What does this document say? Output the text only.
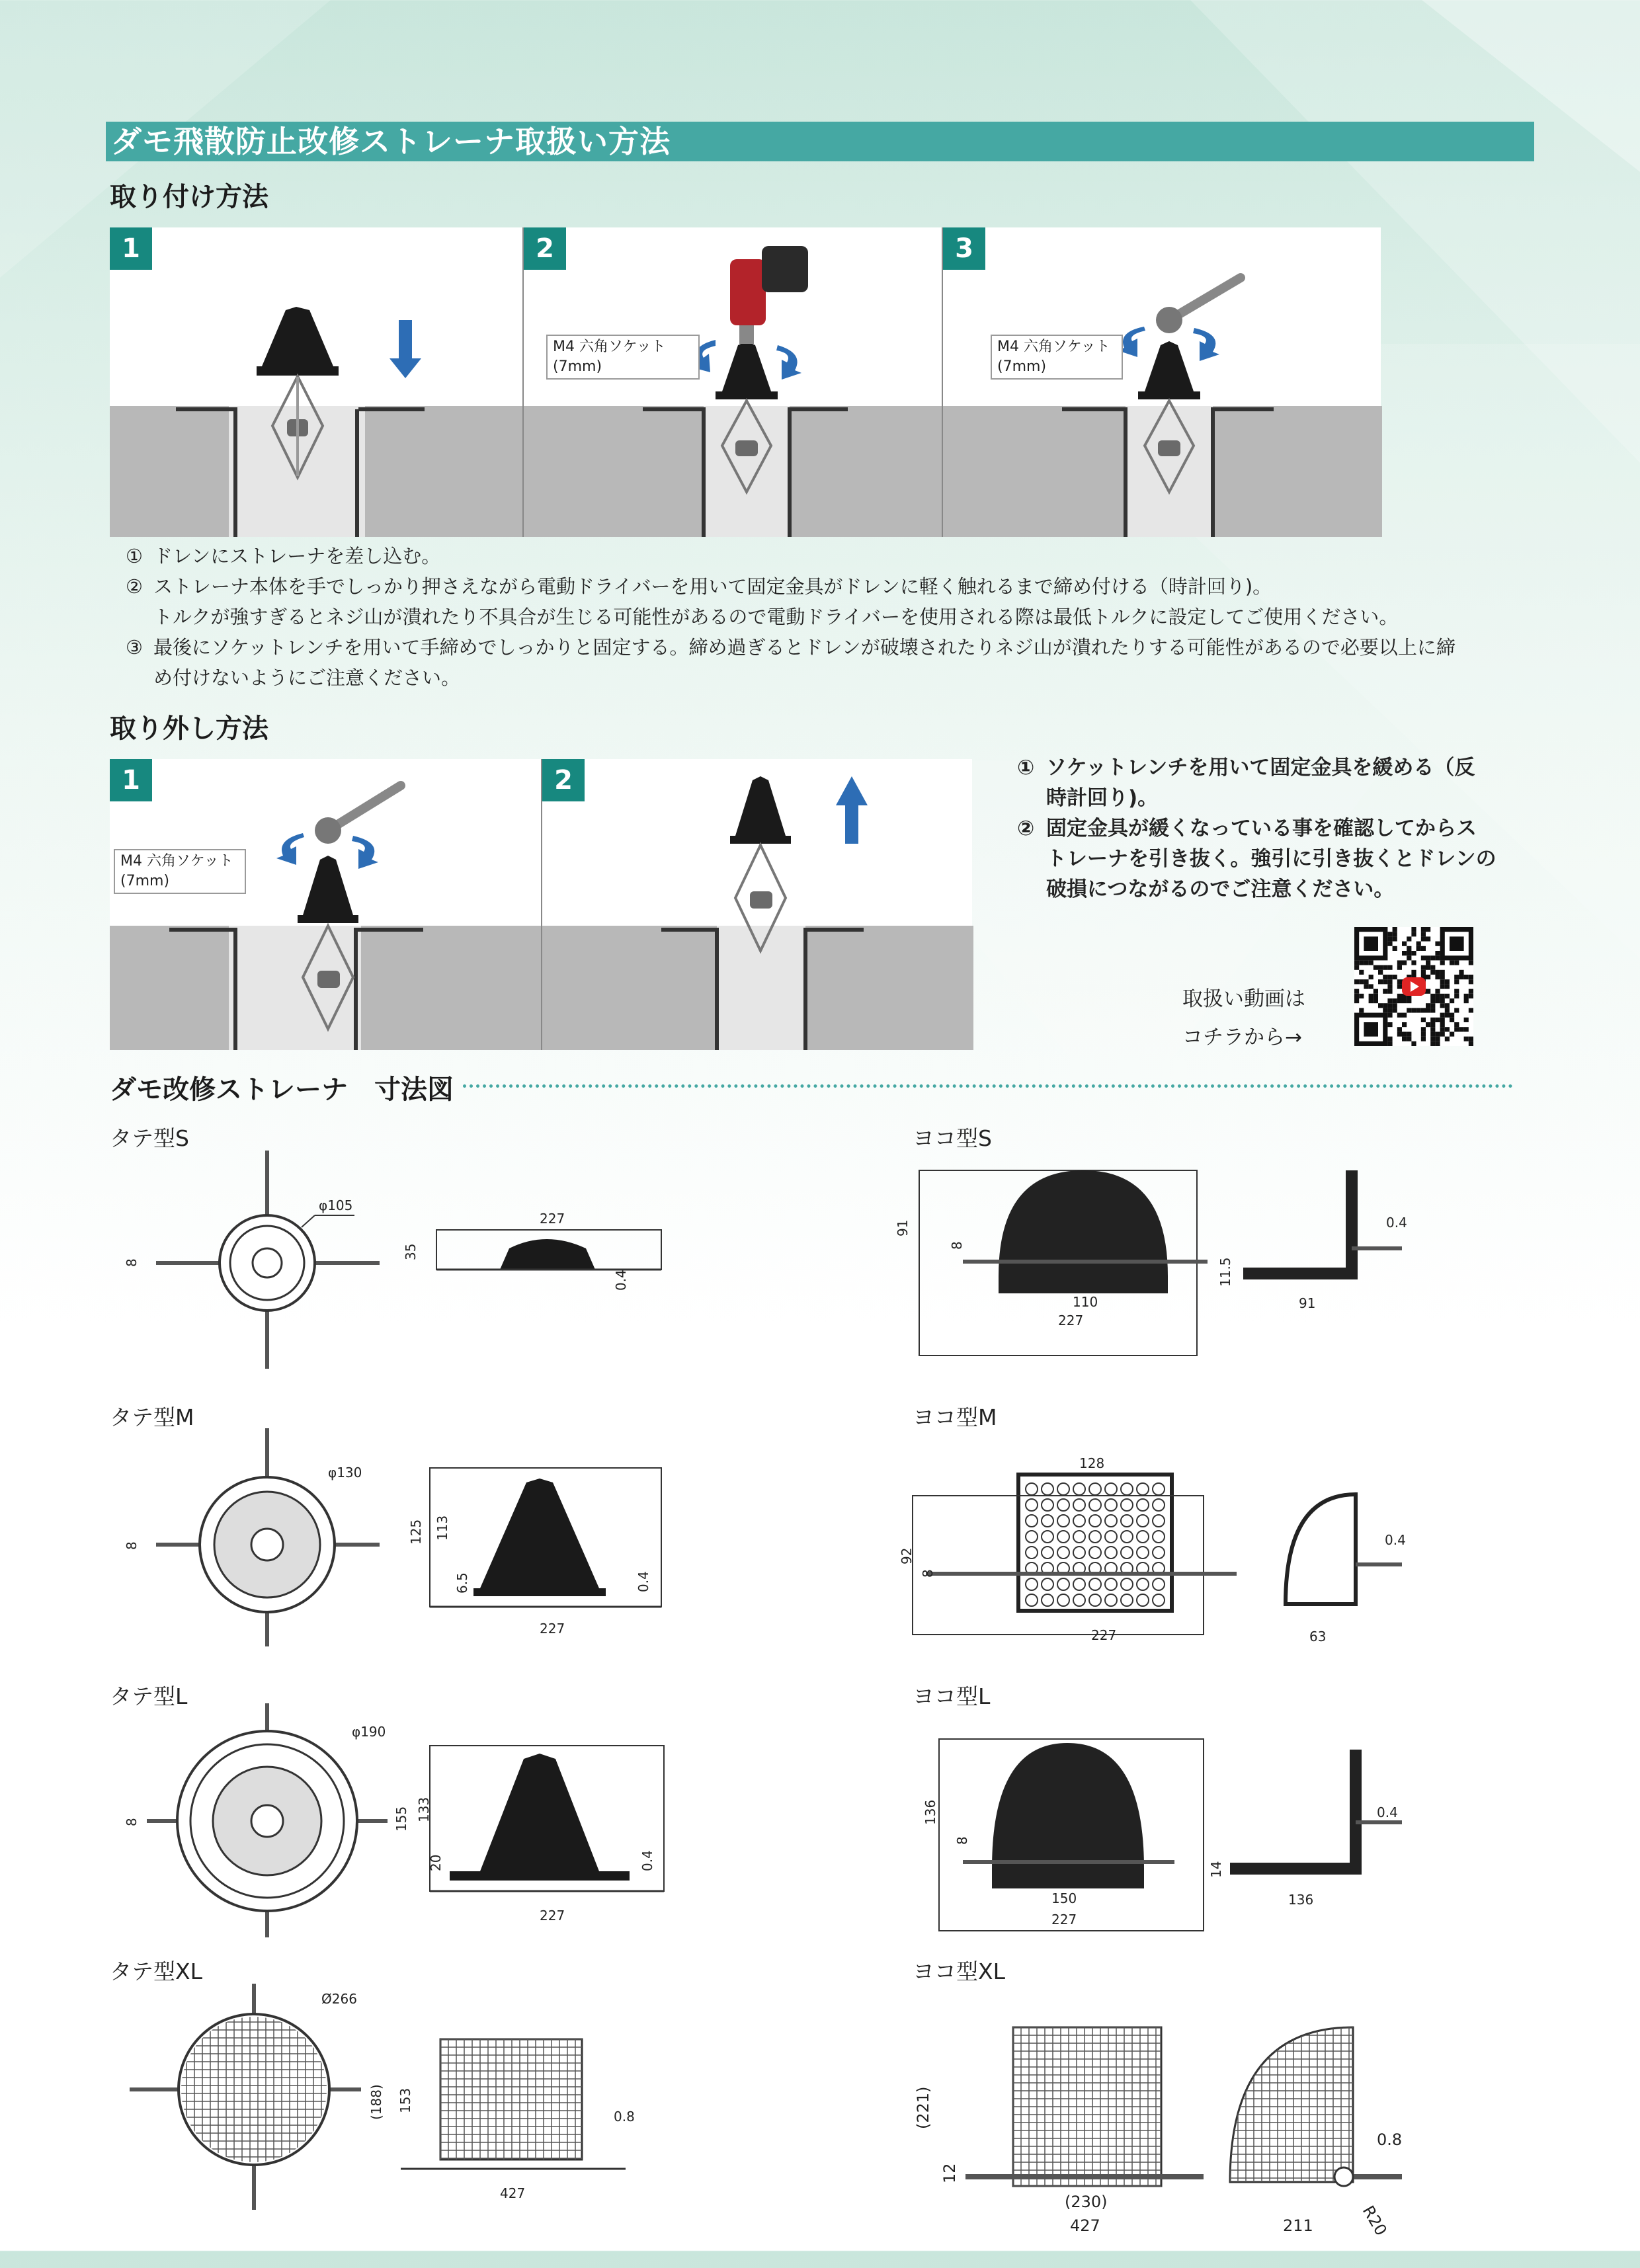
ダモ飛散防止改修ストレーナ取扱い方法
取り付け方法
1	2
M4 六角ソケット
(7mm)
3
M4 六角ソケット
(7mm)

① ドレンにストレーナを差し込む。

② ストレーナ本体を手でしっかり押さえながら電動ドライバーを用いて固定金具がドレンに軽く触れるまで締め付ける（時計回り)。

トルクが強すぎるとネジ山が潰れたり不具合が生じる可能性があるので電動ドライバーを使用される際は最低トルクに設定してご使用ください。

③ 最後にソケットレンチを用いて手締めでしっかりと固定する。締め過ぎるとドレンが破壊されたりネジ山が潰れたりする可能性があるので必要以上に締

め付けないようにご注意ください。

取り外し方法
1
M4 六角ソケット
(7mm)
2	① ソケットレンチを用いて固定金具を緩める（反
時計回り)。

② 固定金具が緩くなっている事を確認してからス
トレーナを引き抜く。強引に引き抜くとドレンの
破損につながるのでご注意ください。

取扱い動画は
コチラから→
ダモ改修ストレーナ　寸法図
タテ型S
φ105
8
227
35
0.4
タテ型M
φ130
8
227
125 113
6.5	0.4
タテ型L
φ190
8
227
155 133
20	0.4
タテ型XL
Ø266
427
(188) 153
0.8
ヨコ型S
91
8
110
227
11.5
91
0.4
ヨコ型M
128
92
8
227	63
0.4
ヨコ型L
136
8
150
227
14
136
0.4
ヨコ型XL
(221)
12
(230)
427	211
0.8
R20
